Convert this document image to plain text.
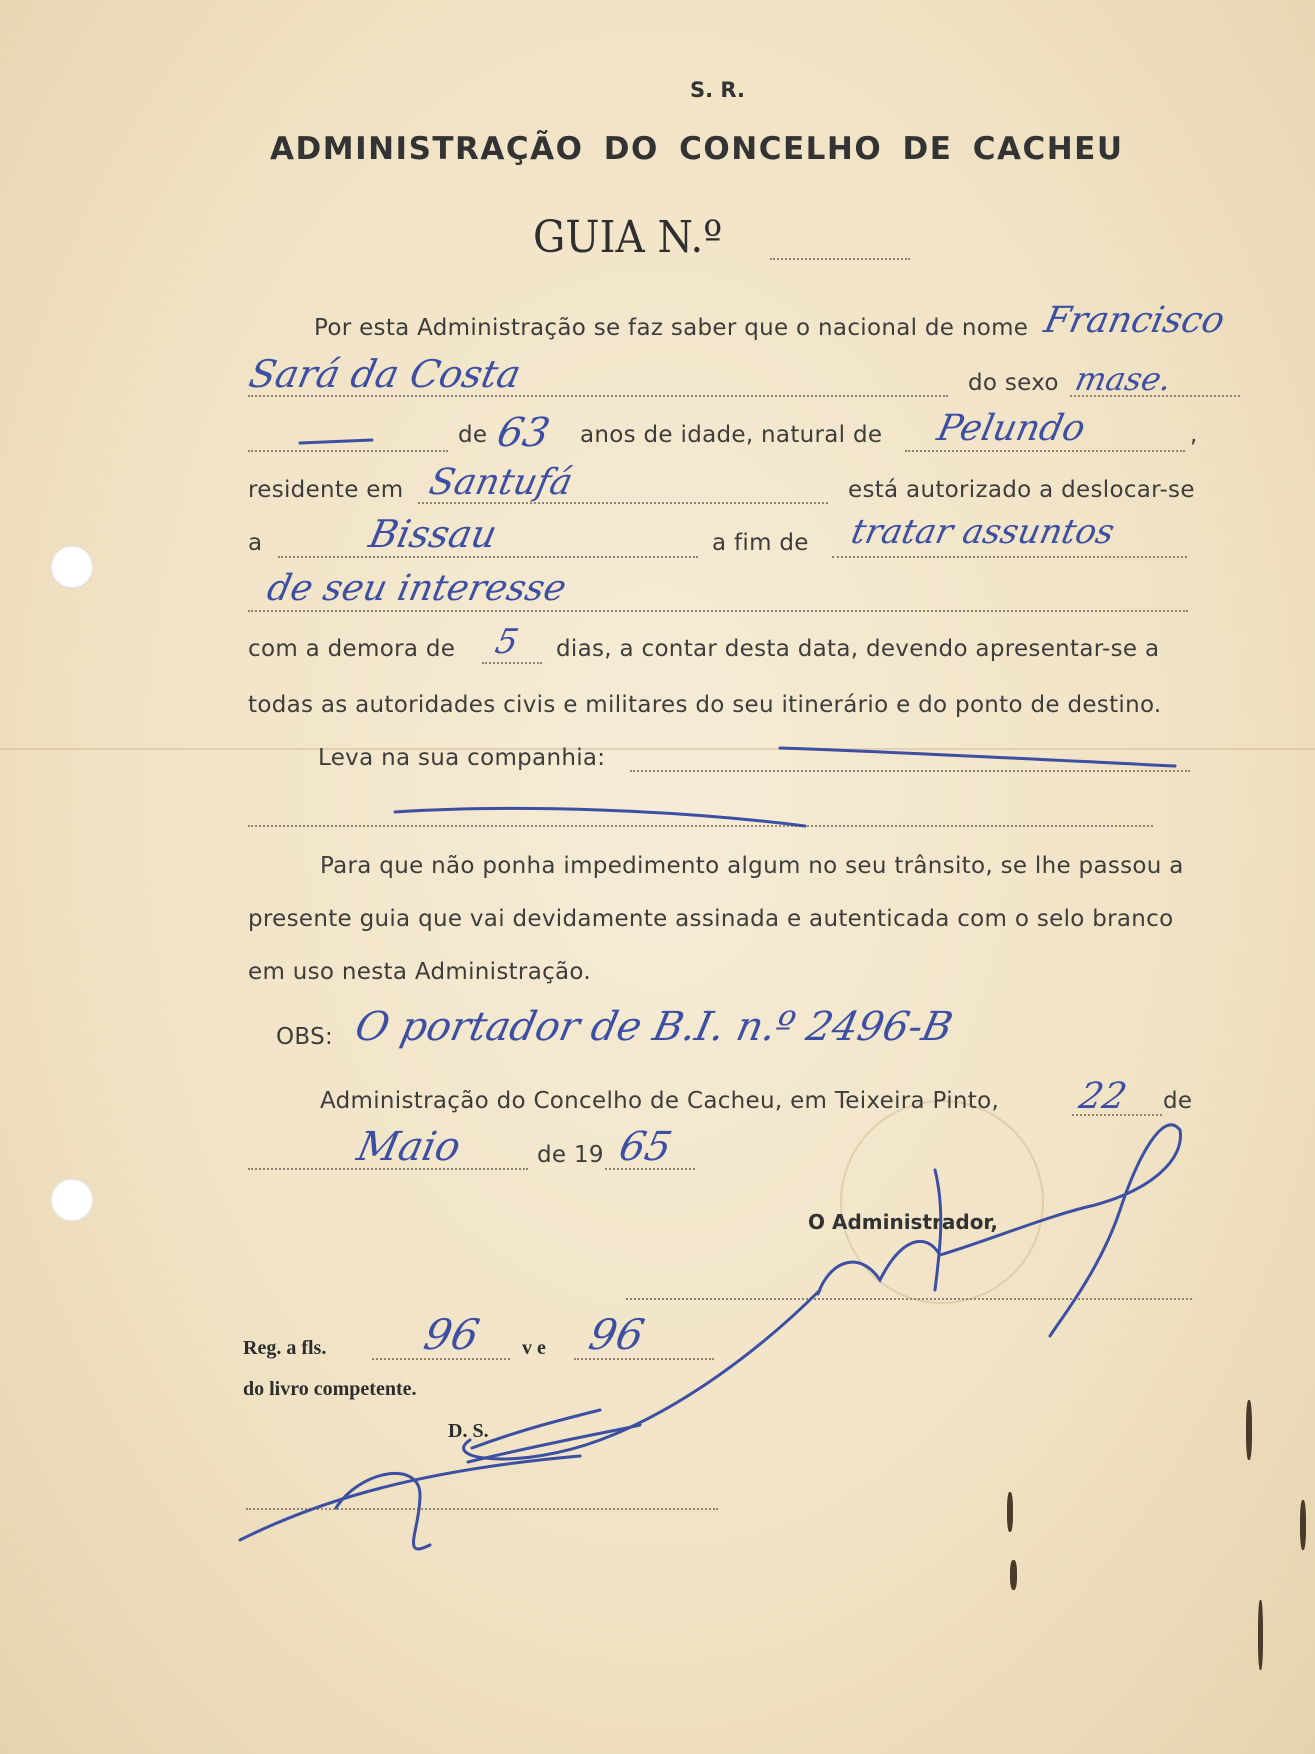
S. R.
ADMINISTRAÇÃO DO CONCELHO DE CACHEU
GUIA N.º
Por esta Administração se faz saber que o nacional de nome Francisco
Sará da Costa	do sexo mase.
de 63 anos de idade, natural de Pelundo	,
residente em Santufá	está autorizado a deslocar-se
a	Bissau	a fim de tratar assuntos
de seu interesse
com a demora de 5 dias, a contar desta data, devendo apresentar-se a
todas as autoridades civis e militares do seu itinerário e do ponto de destino.
Leva na sua companhia:
Para que não ponha impedimento algum no seu trânsito, se lhe passou a
presente guia que vai devidamente assinada e autenticada com o selo branco
em uso nesta Administração.
OBS: O portador de B.I. n.º 2496-B
Administração do Concelho de Cacheu, em Teixeira Pinto, 22 de
Maio	de 19 65
O Administrador,
Reg. a fls. 96 v e 96
do livro competente.
D. S.
